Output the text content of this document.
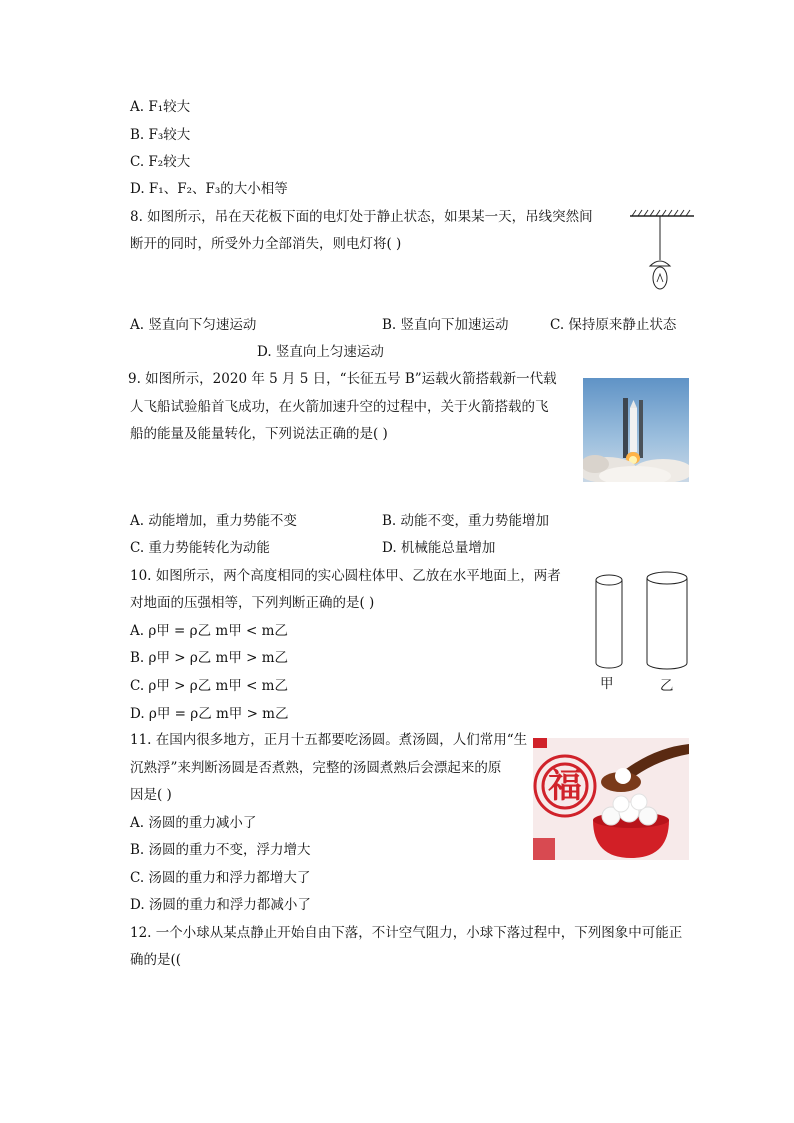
A. F₁较大
B. F₃较大
C. F₂较大
D. F₁、F₂、F₃的大小相等
8. 如图所示，吊在天花板下面的电灯处于静止状态，如果某一天，吊线突然间
断开的同时，所受外力全部消失，则电灯将( )
A. 竖直向下匀速运动	B. 竖直向下加速运动	C. 保持原来静止状态
D. 竖直向上匀速运动
9. 如图所示，2020 年 5 月 5 日，“长征五号 B”运载火箭搭载新一代载
人飞船试验船首飞成功，在火箭加速升空的过程中，关于火箭搭载的飞
船的能量及能量转化，下列说法正确的是( )
A. 动能增加，重力势能不变	B. 动能不变，重力势能增加
C. 重力势能转化为动能	D. 机械能总量增加
10. 如图所示，两个高度相同的实心圆柱体甲、乙放在水平地面上，两者
对地面的压强相等，下列判断正确的是( )
A. ρ甲 = ρ乙 m甲 < m乙
B. ρ甲 > ρ乙 m甲 > m乙
C. ρ甲 > ρ乙 m甲 < m乙
D. ρ甲 = ρ乙 m甲 > m乙
甲	乙
11. 在国内很多地方，正月十五都要吃汤圆。煮汤圆，人们常用“生
沉熟浮”来判断汤圆是否煮熟，完整的汤圆煮熟后会漂起来的原
因是( )
A. 汤圆的重力减小了
B. 汤圆的重力不变，浮力增大
C. 汤圆的重力和浮力都增大了
D. 汤圆的重力和浮力都减小了
福
12. 一个小球从某点静止开始自由下落，不计空气阻力，小球下落过程中，下列图象中可能正
确的是((
